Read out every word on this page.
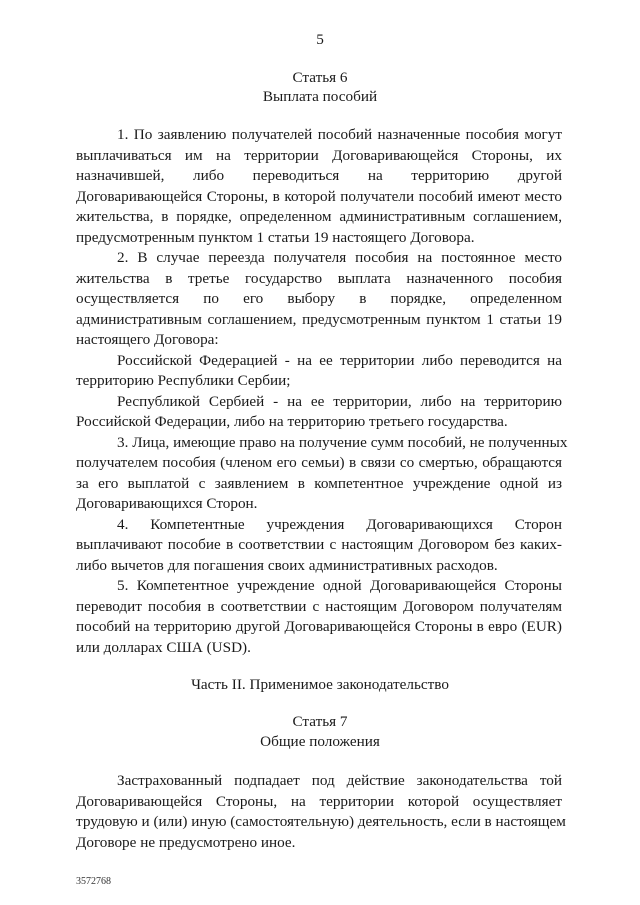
5
Статья 6
Выплата пособий
1. По заявлению получателей пособий назначенные пособия могут
выплачиваться им на территории Договаривающейся Стороны, их
назначившей, либо переводиться на территорию другой
Договаривающейся Стороны, в которой получатели пособий имеют место
жительства, в порядке, определенном административным соглашением,
предусмотренным пунктом 1 статьи 19 настоящего Договора.
2. В случае переезда получателя пособия на постоянное место
жительства в третье государство выплата назначенного пособия
осуществляется по его выбору в порядке, определенном
административным соглашением, предусмотренным пунктом 1 статьи 19
настоящего Договора:
Российской Федерацией - на ее территории либо переводится на
территорию Республики Сербии;
Республикой Сербией - на ее территории, либо на территорию
Российской Федерации, либо на территорию третьего государства.
3. Лица, имеющие право на получение сумм пособий, не полученных
получателем пособия (членом его семьи) в связи со смертью, обращаются
за его выплатой с заявлением в компетентное учреждение одной из
Договаривающихся Сторон.
4. Компетентные учреждения Договаривающихся Сторон
выплачивают пособие в соответствии с настоящим Договором без каких-
либо вычетов для погашения своих административных расходов.
5. Компетентное учреждение одной Договаривающейся Стороны
переводит пособия в соответствии с настоящим Договором получателям
пособий на территорию другой Договаривающейся Стороны в евро (EUR)
или долларах США (USD).
Часть II. Применимое законодательство
Статья 7
Общие положения
Застрахованный подпадает под действие законодательства той
Договаривающейся Стороны, на территории которой осуществляет
трудовую и (или) иную (самостоятельную) деятельность, если в настоящем
Договоре не предусмотрено иное.
3572768
